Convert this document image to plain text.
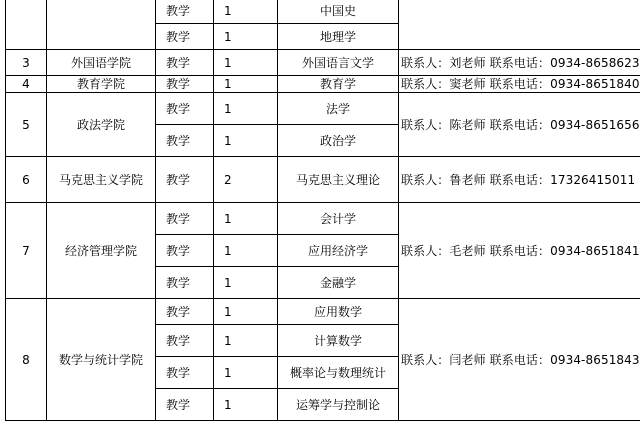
		教学	1	中国史	
		教学	1	地理学	
3	外国语学院	教学	1	外国语言文学	联系人：刘老师 联系电话：0934-8658623
4	教育学院	教学	1	教育学	联系人：窦老师 联系电话：0934-8651840
5	政法学院	教学	1	法学	联系人：陈老师 联系电话：0934-8651656
		教学	1	政治学	
6	马克思主义学院	教学	2	马克思主义理论	联系人：鲁老师 联系电话：17326415011
7	经济管理学院	教学	1	会计学	联系人：毛老师 联系电话：0934-8651841
		教学	1	应用经济学	
		教学	1	金融学	
8	数学与统计学院	教学	1	应用数学	联系人：闫老师 联系电话：0934-8651843
		教学	1	计算数学	
		教学	1	概率论与数理统计	
		教学	1	运筹学与控制论	
